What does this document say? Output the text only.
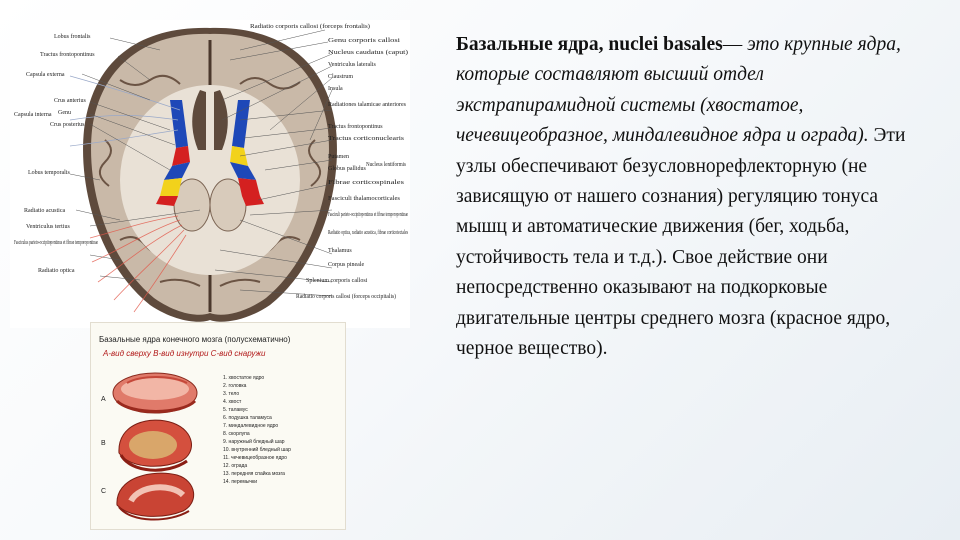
Lobus frontalis
Tractus frontopontinus
Capsula externa
Crus anterius
Genu
Crus posterius
Capsula interna
Lobus temporalis
Radiatio acustica
Ventriculus tertius
Fasciculus parieto-occipitopontinus et fibrae temporopontinae
Radiatio optica
Radiatio corporis callosi (forceps frontalis)
Genu corporis callosi
Nucleus caudatus (caput)
Ventriculus lateralis
Claustrum
Insula
Radiationes talamicae anteriores
Tractus frontopontinus
Tractus corticonuclearis
Putamen
Globus pallidus
Nucleus lentiformis
Fibrae corticospinales
Fasciculi thalamocorticales
Fasciculi parieto-occipitopontinus et fibrae temporopontinae
Radiatio optica, radiatio acustica, fibrae corticotectales
Thalamus
Corpus pineale
Splenium corporis callosi
Radiatio corporis callosi (forceps occipitalis)
Базальные ядра конечного мозга (полусхематично)
А-вид сверху В-вид изнутри С-вид снаружи
A
B
C
1. хвостатое ядро
2. головка
3. тело
4. хвост
5. таламус
6. подушка таламуса
7. миндалевидное ядро
8. скорлупа
9. наружный бледный шар
10. внутренний бледный шар
11. чечевицеобразное ядро
12. ограда
13. передняя спайка мозга
14. перемычки
Базальные ядра, nuclei basales— это крупные ядра, которые составляют высший отдел экстрапирамидной системы (хвостатое, чечевицеобразное, миндалевидное ядра и ограда). Эти узлы обеспечивают безусловнорефлекторную (не зависящую от нашего сознания) регуляцию тонуса мышц и автоматические движения (бег, ходьба, устойчивость тела и т.д.). Свое действие они непосредственно оказывают на подкорковые двигательные центры среднего мозга (красное ядро, черное вещество).
